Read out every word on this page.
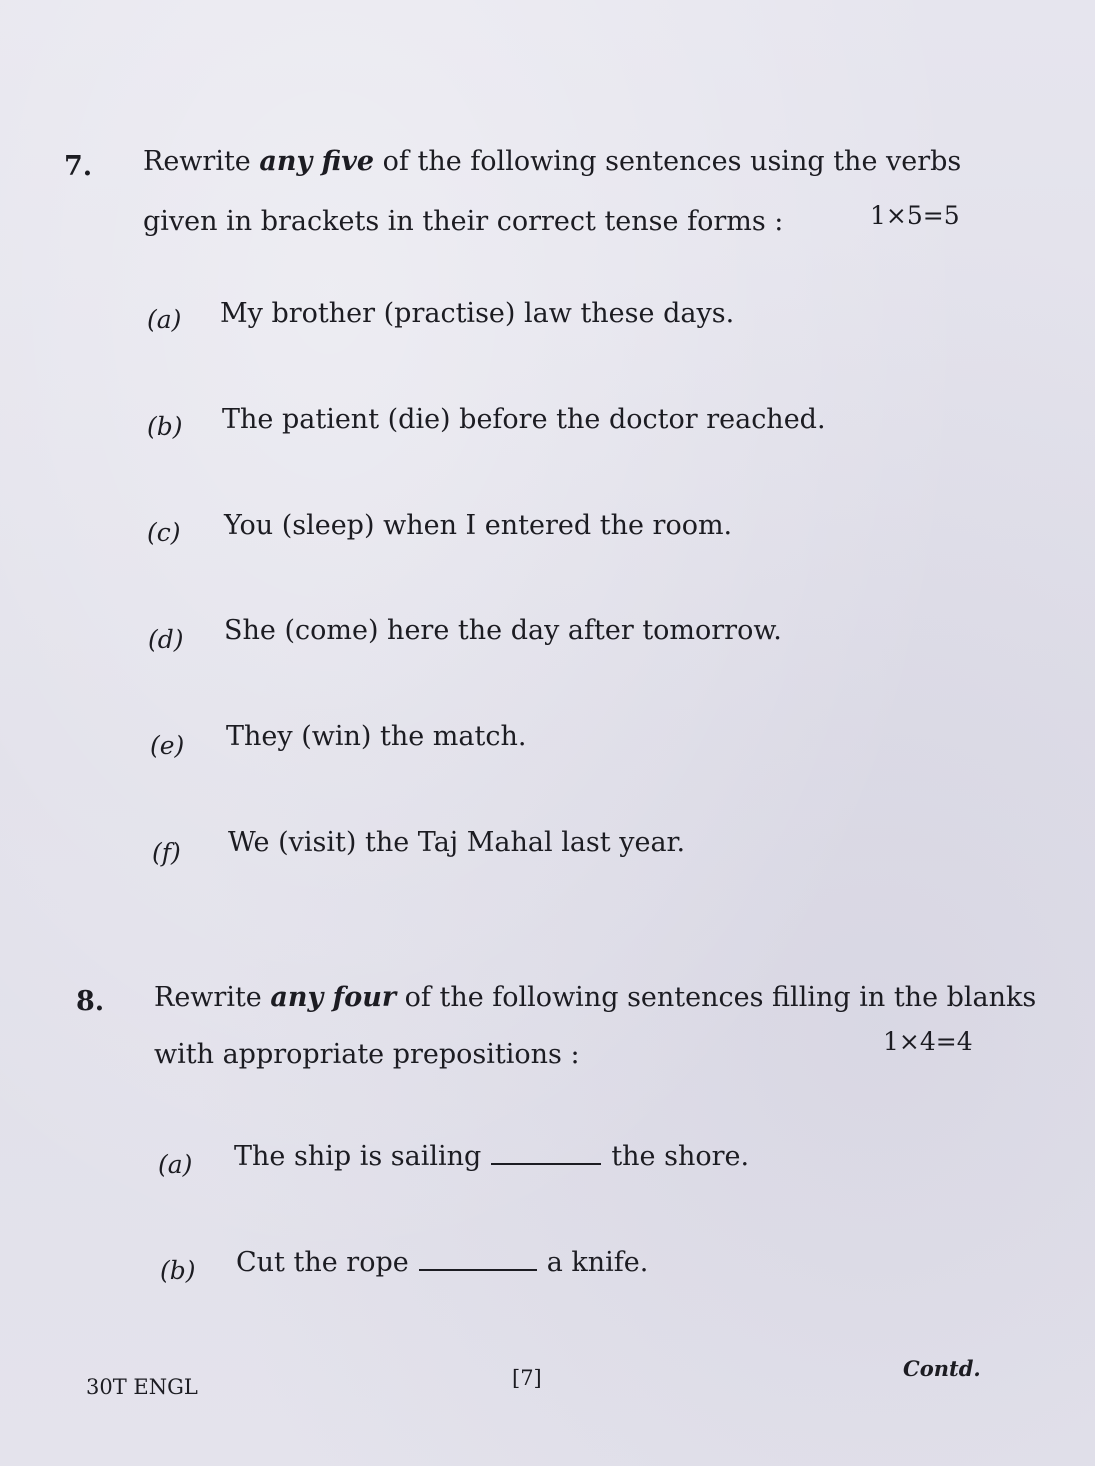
7. Rewrite any five of the following sentences using the verbs
given in brackets in their correct tense forms :	1×5=5
(a) My brother (practise) law these days.
(b) The patient (die) before the doctor reached.
(c) You (sleep) when I entered the room.
(d) She (come) here the day after tomorrow.
(e) They (win) the match.
(f) We (visit) the Taj Mahal last year.
8. Rewrite any four of the following sentences filling in the blanks
with appropriate prepositions :	1×4=4
(a) The ship is sailing	the shore.
(b) Cut the rope	a knife.
30T ENGL	[7]	Contd.
